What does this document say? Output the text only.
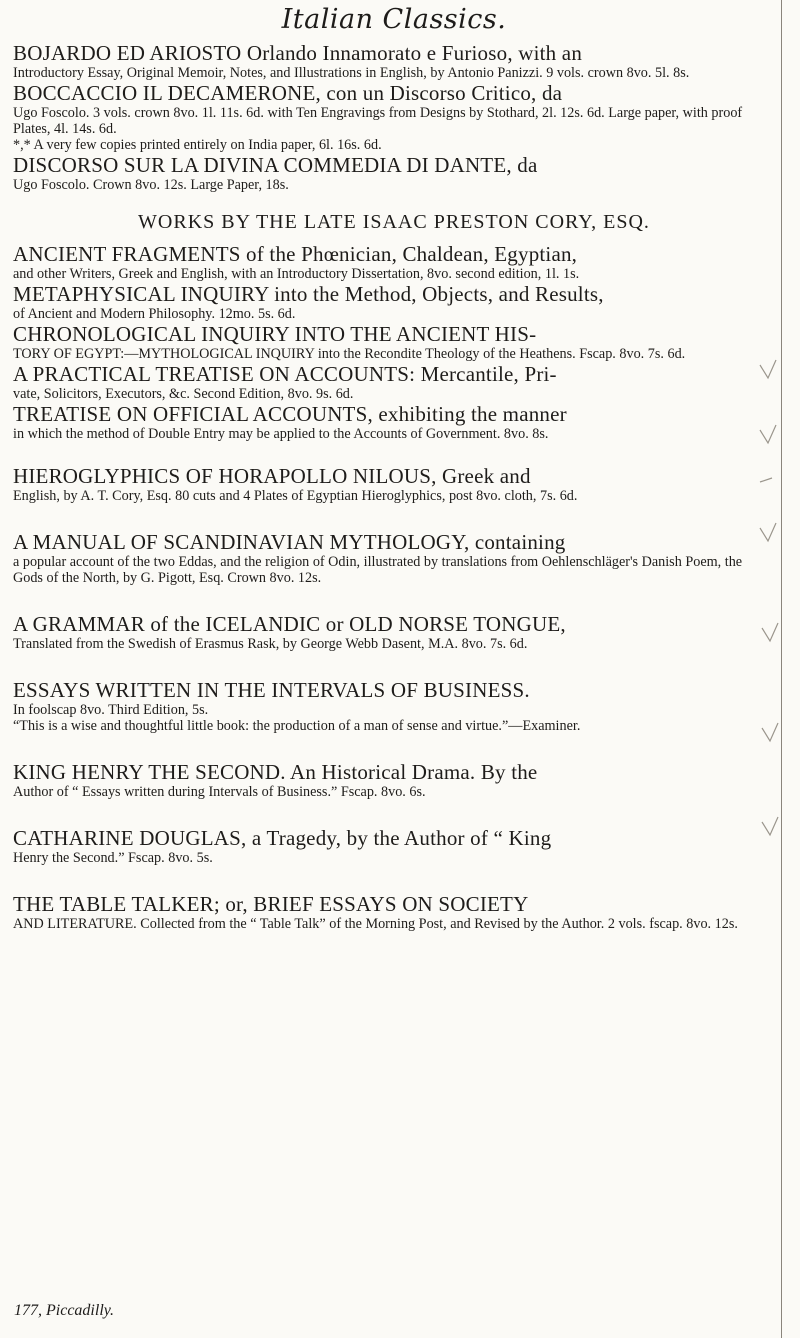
Italian Classics.
BOJARDO ED ARIOSTO Orlando Innamorato e Furioso, with an
Introductory Essay, Original Memoir, Notes, and Illustrations in English, by Antonio Panizzi. 9 vols. crown 8vo. 5l. 8s.
BOCCACCIO IL DECAMERONE, con un Discorso Critico, da
Ugo Foscolo. 3 vols. crown 8vo. 1l. 11s. 6d. with Ten Engravings from Designs by Stothard, 2l. 12s. 6d. Large paper, with proof Plates, 4l. 14s. 6d.
*,* A very few copies printed entirely on India paper, 6l. 16s. 6d.
DISCORSO SUR LA DIVINA COMMEDIA DI DANTE, da
Ugo Foscolo. Crown 8vo. 12s. Large Paper, 18s.
WORKS BY THE LATE ISAAC PRESTON CORY, ESQ.
ANCIENT FRAGMENTS of the Phœnician, Chaldean, Egyptian,
and other Writers, Greek and English, with an Introductory Dissertation, 8vo. second edition, 1l. 1s.
METAPHYSICAL INQUIRY into the Method, Objects, and Results,
of Ancient and Modern Philosophy. 12mo. 5s. 6d.
CHRONOLOGICAL INQUIRY INTO THE ANCIENT HIS-
TORY OF EGYPT:—MYTHOLOGICAL INQUIRY into the Recondite Theology of the Heathens. Fscap. 8vo. 7s. 6d.
A PRACTICAL TREATISE ON ACCOUNTS: Mercantile, Pri-
vate, Solicitors, Executors, &c. Second Edition, 8vo. 9s. 6d.
TREATISE ON OFFICIAL ACCOUNTS, exhibiting the manner
in which the method of Double Entry may be applied to the Accounts of Government. 8vo. 8s.
HIEROGLYPHICS OF HORAPOLLO NILOUS, Greek and
English, by A. T. Cory, Esq. 80 cuts and 4 Plates of Egyptian Hieroglyphics, post 8vo. cloth, 7s. 6d.
A MANUAL OF SCANDINAVIAN MYTHOLOGY, containing
a popular account of the two Eddas, and the religion of Odin, illustrated by translations from Oehlenschläger's Danish Poem, the Gods of the North, by G. Pigott, Esq. Crown 8vo. 12s.
A GRAMMAR of the ICELANDIC or OLD NORSE TONGUE,
Translated from the Swedish of Erasmus Rask, by George Webb Dasent, M.A. 8vo. 7s. 6d.
ESSAYS WRITTEN IN THE INTERVALS OF BUSINESS.
In foolscap 8vo. Third Edition, 5s.
“This is a wise and thoughtful little book: the production of a man of sense and virtue.”—Examiner.
KING HENRY THE SECOND. An Historical Drama. By the
Author of “ Essays written during Intervals of Business.” Fscap. 8vo. 6s.
CATHARINE DOUGLAS, a Tragedy, by the Author of “ King
Henry the Second.” Fscap. 8vo. 5s.
THE TABLE TALKER; or, BRIEF ESSAYS ON SOCIETY
AND LITERATURE. Collected from the “ Table Talk” of the Morning Post, and Revised by the Author. 2 vols. fscap. 8vo. 12s.
177, Piccadilly.
